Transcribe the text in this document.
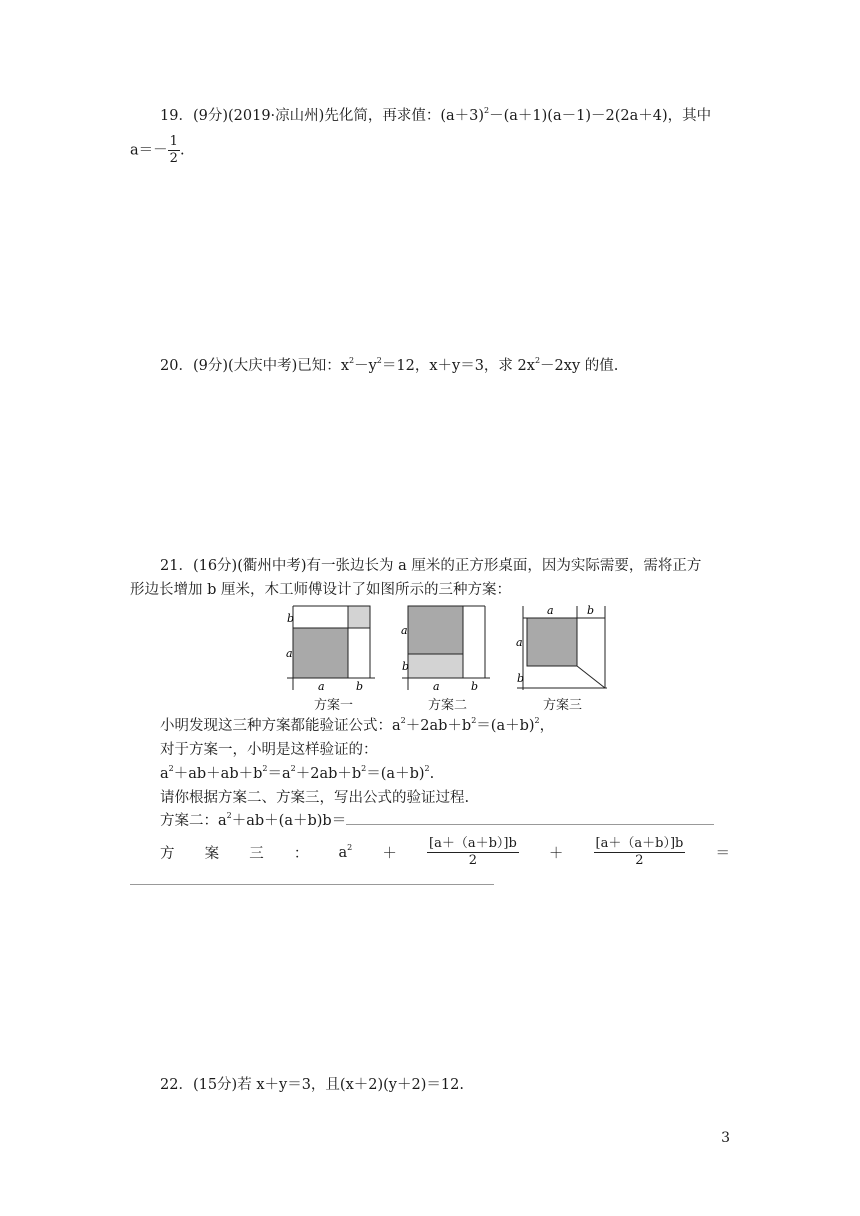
19．(9分)(2019·凉山州)先化简，再求值：$(a+3)^2-(a+1)(a-1)-2(2a+4)$，其中
$a=- \frac{1}{2}$ .
20．(9分)(大庆中考)已知：$x^2-y^2=12$，x＋y＝3，求 $2x^2-2xy$ 的值.
21．(16分)(衢州中考)有一张边长为 a 厘米的正方形桌面，因为实际需要，需将正方
形边长增加 b 厘米，木工师傅设计了如图所示的三种方案：
b
a
a	b
a
b
a	b
a	b
a
b
方案一	方案二	方案三
小明发现这三种方案都能验证公式：$a^2+2ab+b^2=(a+b)^2$，
对于方案一，小明是这样验证的：
$a^2+ab+ab+b^2=a^2+2ab+b^2=(a+b)^2$.
请你根据方案二、方案三，写出公式的验证过程.
方案二：$a^2+ab+(a+b)b=$
方 案 三 ： $a^2 + \frac{[a+(a+b)]b}{2} + \frac{[a+(a+b)]b}{2}$ ＝
22．(15分)若 x＋y＝3，且(x＋2)(y＋2)＝12.
3
